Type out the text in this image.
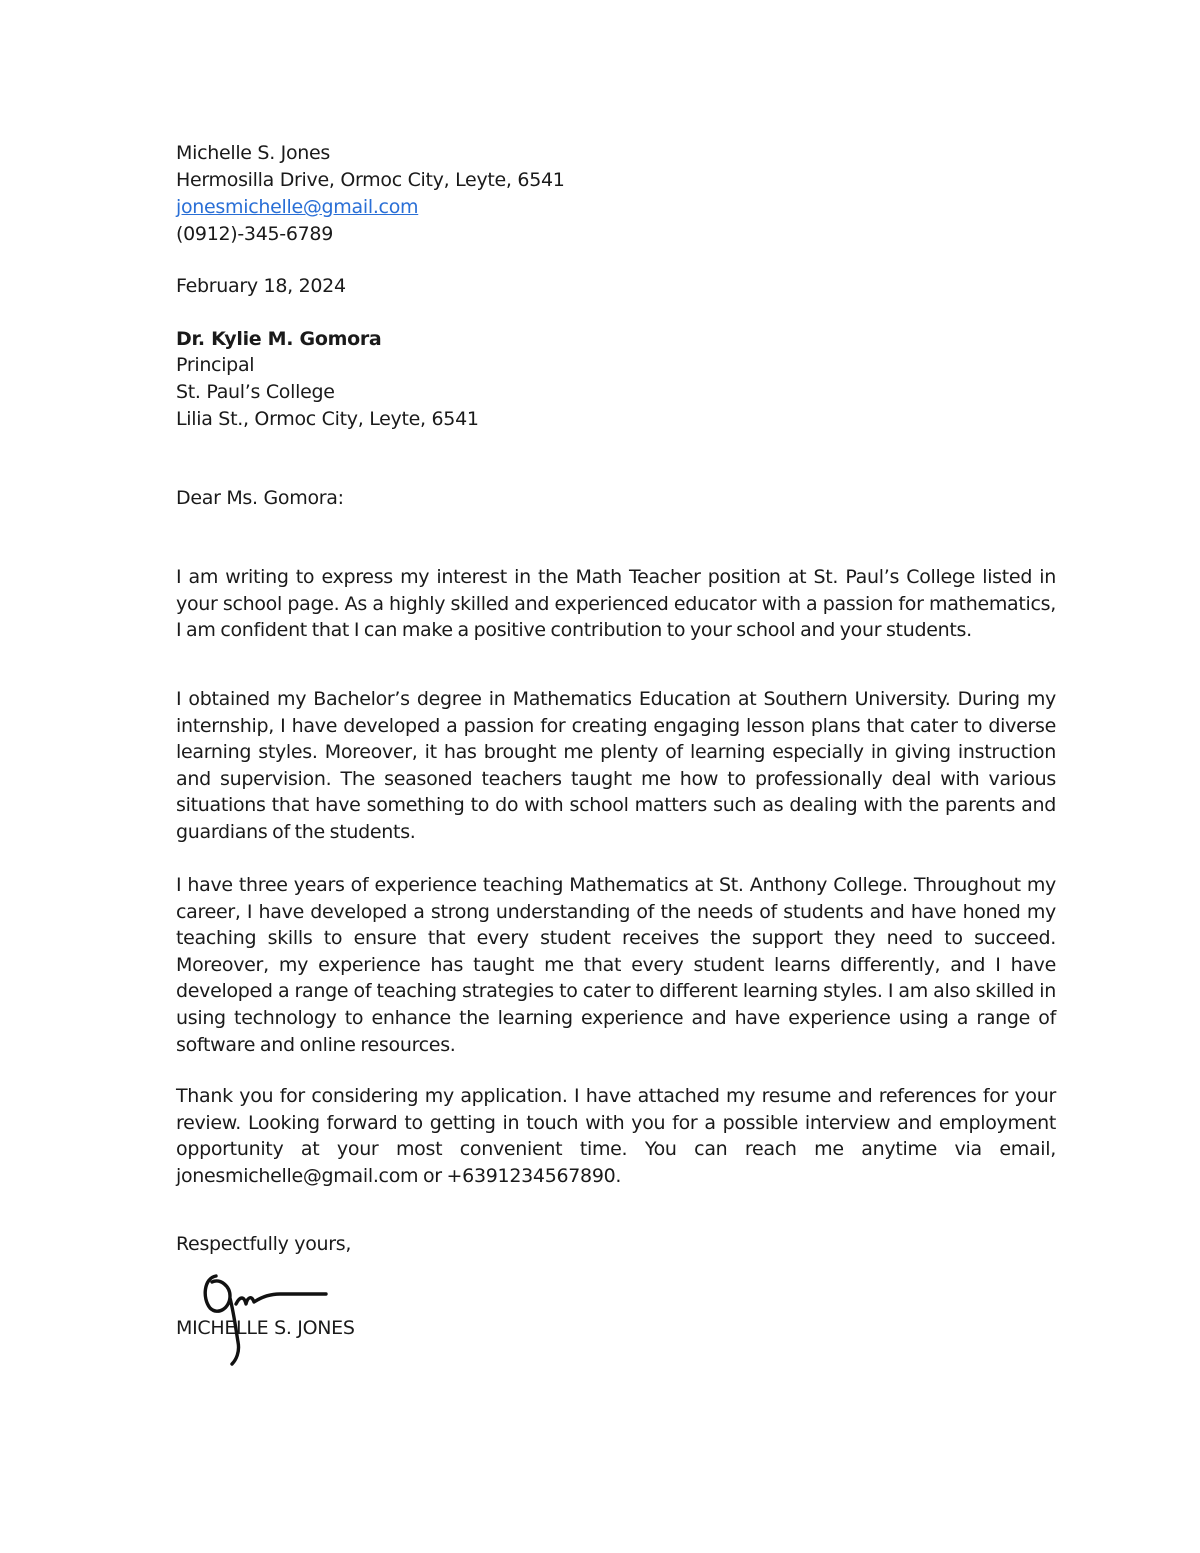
Michelle S. Jones
Hermosilla Drive, Ormoc City, Leyte, 6541
jonesmichelle@gmail.com
(0912)-345-6789
February 18, 2024
Dr. Kylie M. Gomora
Principal
St. Paul’s College
Lilia St., Ormoc City, Leyte, 6541
Dear Ms. Gomora:
I am writing to express my interest in the Math Teacher position at St. Paul’s College listed in your school page. As a highly skilled and experienced educator with a passion for mathematics, I am confident that I can make a positive contribution to your school and your students.
I obtained my Bachelor’s degree in Mathematics Education at Southern University. During my internship, I have developed a passion for creating engaging lesson plans that cater to diverse learning styles. Moreover, it has brought me plenty of learning especially in giving instruction and supervision. The seasoned teachers taught me how to professionally deal with various situations that have something to do with school matters such as dealing with the parents and guardians of the students.
I have three years of experience teaching Mathematics at St. Anthony College. Throughout my career, I have developed a strong understanding of the needs of students and have honed my teaching skills to ensure that every student receives the support they need to succeed. Moreover, my experience has taught me that every student learns differently, and I have developed a range of teaching strategies to cater to different learning styles. I am also skilled in using technology to enhance the learning experience and have experience using a range of software and online resources.
Thank you for considering my application. I have attached my resume and references for your review. Looking forward to getting in touch with you for a possible interview and employment opportunity at your most convenient time. You can reach me anytime via email, jonesmichelle@gmail.com or +6391234567890.
Respectfully yours,
MICHELLE S. JONES
